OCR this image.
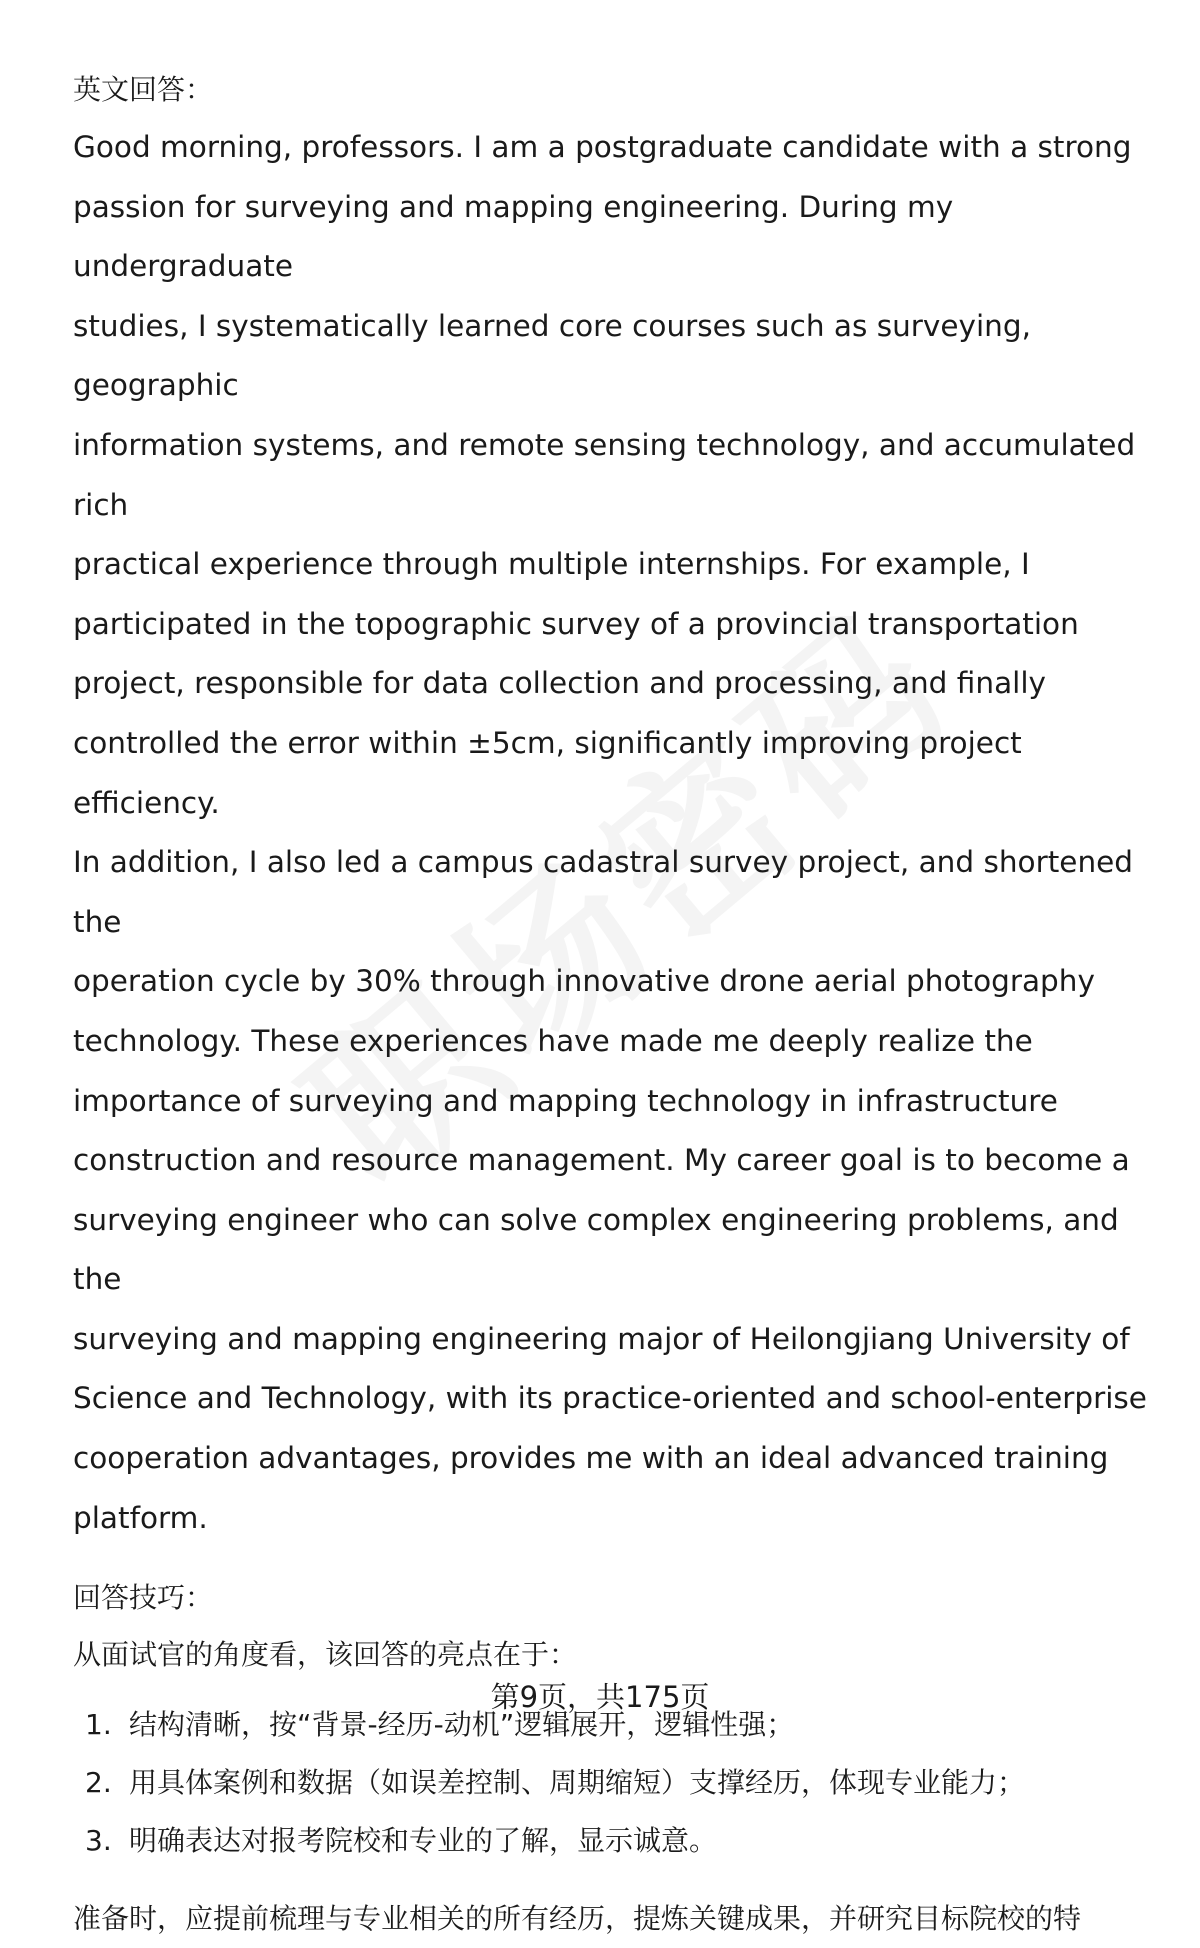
英文回答：

Good morning, professors. I am a postgraduate candidate with a strong
passion for surveying and mapping engineering. During my undergraduate
studies, I systematically learned core courses such as surveying, geographic
information systems, and remote sensing technology, and accumulated rich
practical experience through multiple internships. For example, I
participated in the topographic survey of a provincial transportation
project, responsible for data collection and processing, and finally
controlled the error within ±5cm, significantly improving project efficiency.
In addition, I also led a campus cadastral survey project, and shortened the
operation cycle by 30% through innovative drone aerial photography
technology. These experiences have made me deeply realize the
importance of surveying and mapping technology in infrastructure
construction and resource management. My career goal is to become a
surveying engineer who can solve complex engineering problems, and the
surveying and mapping engineering major of Heilongjiang University of
Science and Technology, with its practice-oriented and school-enterprise
cooperation advantages, provides me with an ideal advanced training
platform.

回答技巧：

从面试官的角度看，该回答的亮点在于：

1. 结构清晰，按“背景-经历-动机”逻辑展开，逻辑性强；
2. 用具体案例和数据（如误差控制、周期缩短）支撑经历，体现专业能力；
3. 明确表达对报考院校和专业的了解，显示诚意。

准备时，应提前梳理与专业相关的所有经历，提炼关键成果，并研究目标院校的特

第9页，共175页
